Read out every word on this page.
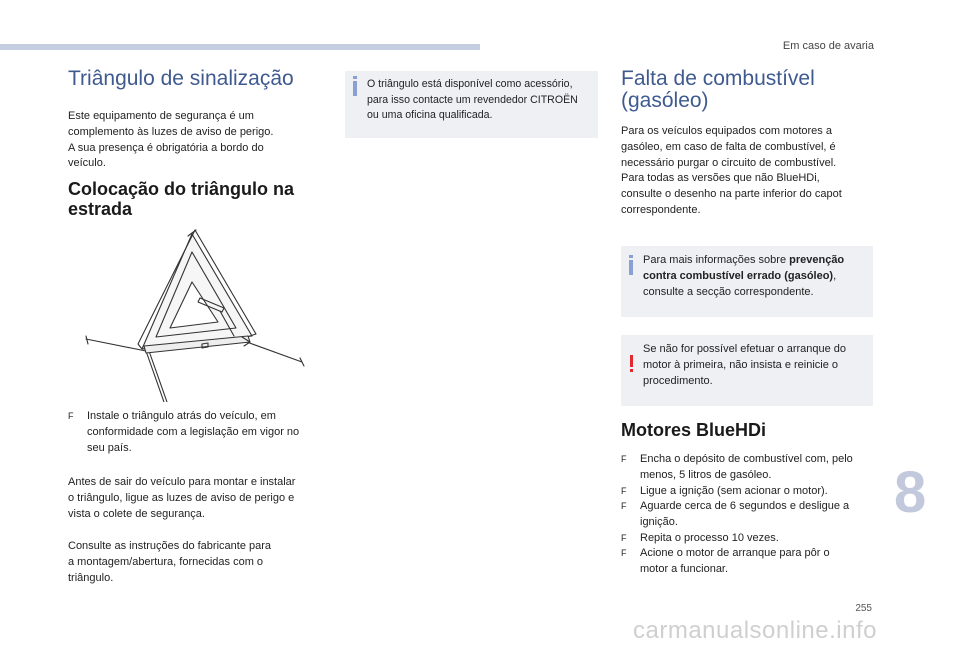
Em caso de avaria
Triângulo de sinalização
Este equipamento de segurança é um
complemento às luzes de aviso de perigo.
A sua presença é obrigatória a bordo do
veículo.
Colocação do triângulo na
estrada
F Instale o triângulo atrás do veículo, em
conformidade com a legislação em vigor no
seu país.
Antes de sair do veículo para montar e instalar
o triângulo, ligue as luzes de aviso de perigo e
vista o colete de segurança.
Consulte as instruções do fabricante para
a montagem/abertura, fornecidas com o
triângulo.
O triângulo está disponível como acessório,
para isso contacte um revendedor CITROËN
ou uma oficina qualificada.
Falta de combustível
(gasóleo)
Para os veículos equipados com motores a
gasóleo, em caso de falta de combustível, é
necessário purgar o circuito de combustível.
Para todas as versões que não BlueHDi,
consulte o desenho na parte inferior do capot
correspondente.
Para mais informações sobre prevenção
contra combustível errado (gasóleo),
consulte a secção correspondente.
Se não for possível efetuar o arranque do
motor à primeira, não insista e reinicie o
procedimento.
Motores BlueHDi
F Encha o depósito de combustível com, pelo
menos, 5 litros de gasóleo.
F Ligue a ignição (sem acionar o motor).
F Aguarde cerca de 6 segundos e desligue a
ignição.
F Repita o processo 10 vezes.
F Acione o motor de arranque para pôr o
motor a funcionar.
8
255
carmanualsonline.info
